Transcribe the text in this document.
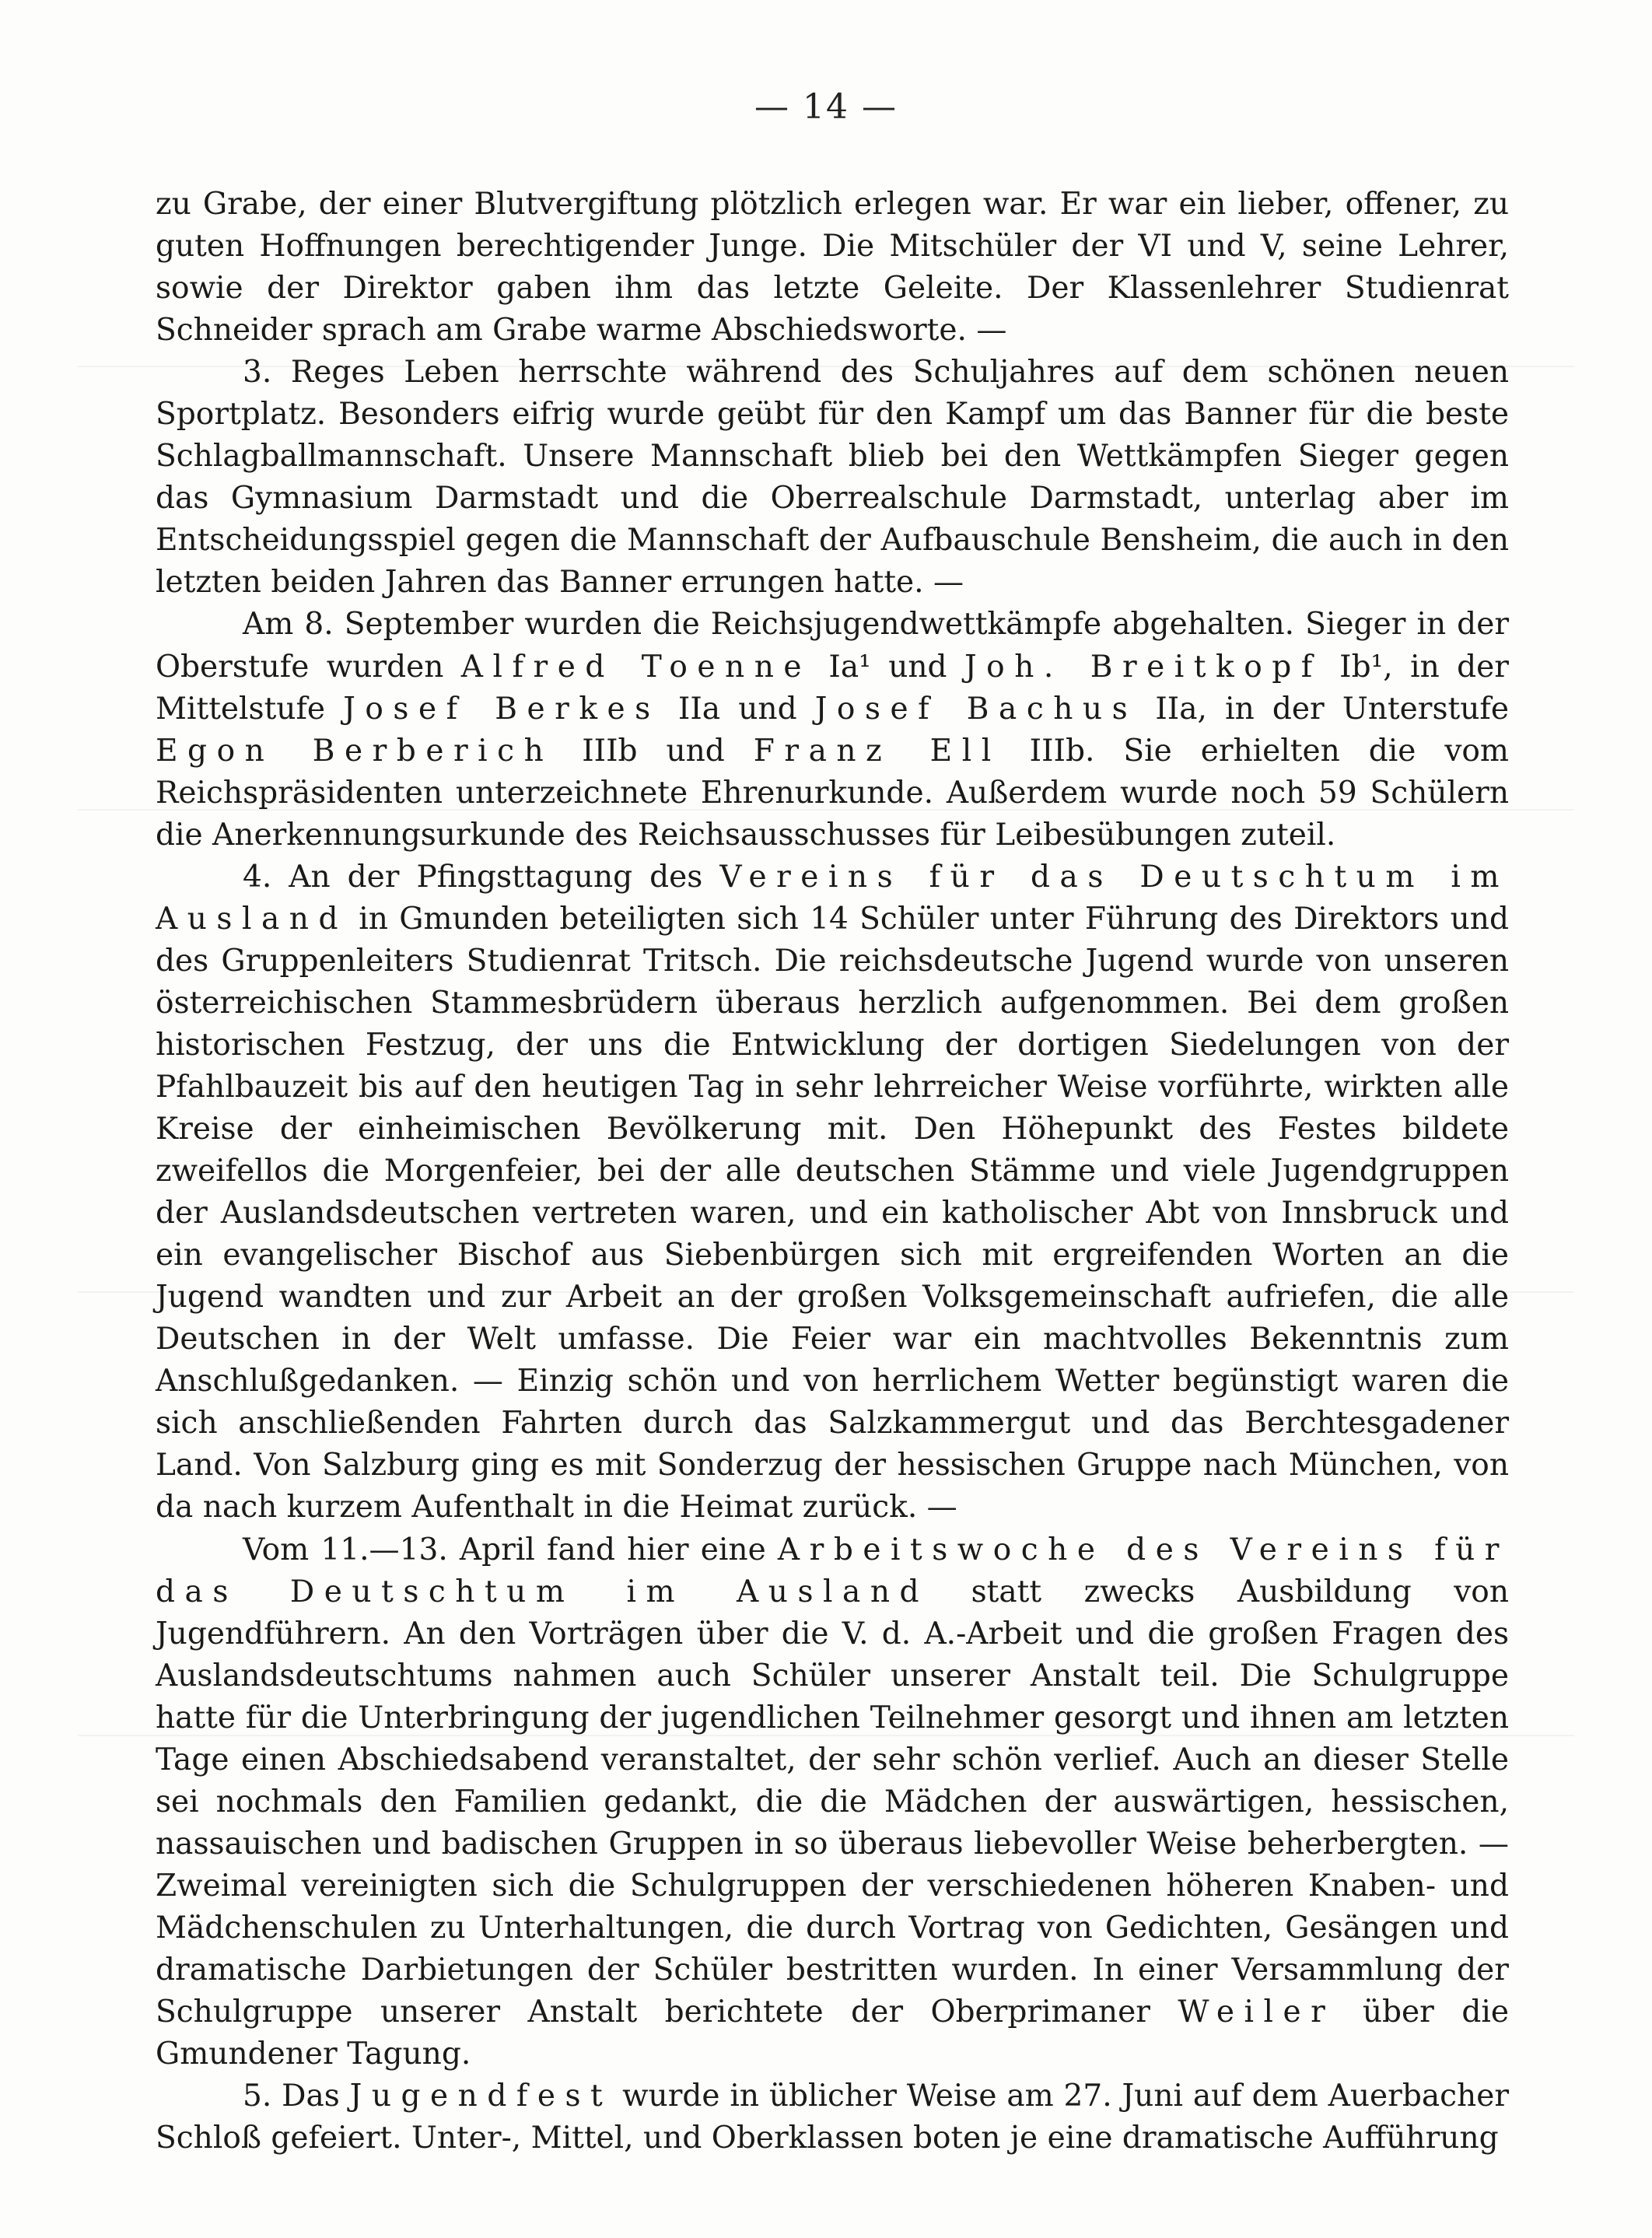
— 14 —

zu Grabe, der einer Blutvergiftung plötzlich erlegen war. Er war ein lieber, offener, zu guten Hoffnungen berechtigender Junge. Die Mitschüler der VI und V, seine Lehrer, sowie der Direktor gaben ihm das letzte Geleite. Der Klassenlehrer Studienrat Schneider sprach am Grabe warme Abschiedsworte. —

3. Reges Leben herrschte während des Schuljahres auf dem schönen neuen Sportplatz. Besonders eifrig wurde geübt für den Kampf um das Banner für die beste Schlagballmannschaft. Unsere Mannschaft blieb bei den Wettkämpfen Sieger gegen das Gymnasium Darmstadt und die Oberrealschule Darmstadt, unterlag aber im Entscheidungsspiel gegen die Mannschaft der Aufbauschule Bensheim, die auch in den letzten beiden Jahren das Banner errungen hatte. —

Am 8. September wurden die Reichsjugendwettkämpfe abgehalten. Sieger in der Oberstufe wurden Alfred Toenne Ia¹ und Joh. Breitkopf Ib¹, in der Mittelstufe Josef Berkes IIa und Josef Bachus IIa, in der Unterstufe Egon Berberich IIIb und Franz Ell IIIb. Sie erhielten die vom Reichspräsidenten unterzeichnete Ehrenurkunde. Außerdem wurde noch 59 Schülern die Anerkennungsurkunde des Reichsausschusses für Leibesübungen zuteil.

4. An der Pfingsttagung des Vereins für das Deutschtum im Ausland in Gmunden beteiligten sich 14 Schüler unter Führung des Direktors und des Gruppenleiters Studienrat Tritsch. Die reichsdeutsche Jugend wurde von unseren österreichischen Stammesbrüdern überaus herzlich aufgenommen. Bei dem großen historischen Festzug, der uns die Entwicklung der dortigen Siedelungen von der Pfahlbauzeit bis auf den heutigen Tag in sehr lehrreicher Weise vorführte, wirkten alle Kreise der einheimischen Bevölkerung mit. Den Höhepunkt des Festes bildete zweifellos die Morgenfeier, bei der alle deutschen Stämme und viele Jugendgruppen der Auslandsdeutschen vertreten waren, und ein katholischer Abt von Innsbruck und ein evangelischer Bischof aus Siebenbürgen sich mit ergreifenden Worten an die Jugend wandten und zur Arbeit an der großen Volksgemeinschaft aufriefen, die alle Deutschen in der Welt umfasse. Die Feier war ein machtvolles Bekenntnis zum Anschlußgedanken. — Einzig schön und von herrlichem Wetter begünstigt waren die sich anschließenden Fahrten durch das Salzkammergut und das Berchtesgadener Land. Von Salzburg ging es mit Sonderzug der hessischen Gruppe nach München, von da nach kurzem Aufenthalt in die Heimat zurück. —

Vom 11.—13. April fand hier eine Arbeitswoche des Vereins für das Deutschtum im Ausland statt zwecks Ausbildung von Jugendführern. An den Vorträgen über die V. d. A.-Arbeit und die großen Fragen des Auslandsdeutschtums nahmen auch Schüler unserer Anstalt teil. Die Schulgruppe hatte für die Unterbringung der jugendlichen Teilnehmer gesorgt und ihnen am letzten Tage einen Abschiedsabend veranstaltet, der sehr schön verlief. Auch an dieser Stelle sei nochmals den Familien gedankt, die die Mädchen der auswärtigen, hessischen, nassauischen und badischen Gruppen in so überaus liebevoller Weise beherbergten. — Zweimal vereinigten sich die Schulgruppen der verschiedenen höheren Knaben- und Mädchenschulen zu Unterhaltungen, die durch Vortrag von Gedichten, Gesängen und dramatische Darbietungen der Schüler bestritten wurden. In einer Versammlung der Schulgruppe unserer Anstalt berichtete der Oberprimaner Weiler über die Gmundener Tagung.

5. Das Jugendfest wurde in üblicher Weise am 27. Juni auf dem Auerbacher Schloß gefeiert. Unter-, Mittel, und Oberklassen boten je eine dramatische Aufführung
